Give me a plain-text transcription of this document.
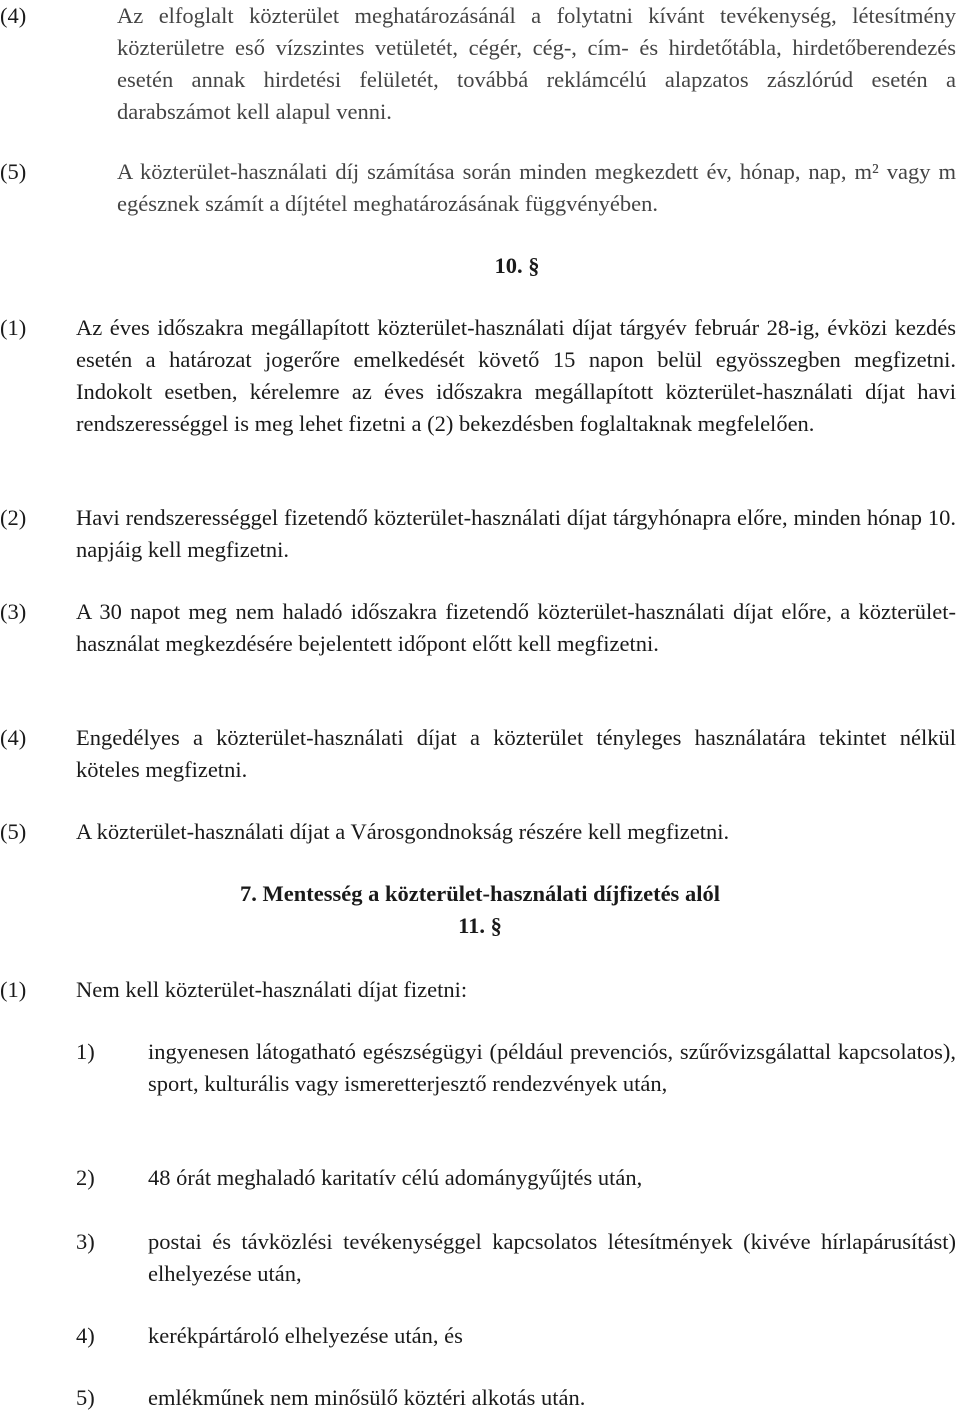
(4)	Az elfoglalt közterület meghatározásánál a folytatni kívánt tevékenység, létesítmény közterületre eső vízszintes vetületét, cégér, cég-, cím- és hirdetőtábla, hirdetőberendezés esetén annak hirdetési felületét, továbbá reklámcélú alapzatos zászlórúd esetén a darabszámot kell alapul venni.
(5)	A közterület-használati díj számítása során minden megkezdett év, hónap, nap, m² vagy m egésznek számít a díjtétel meghatározásának függvényében.
10. §
(1) Az éves időszakra megállapított közterület-használati díjat tárgyév február 28-ig, évközi kezdés esetén a határozat jogerőre emelkedését követő 15 napon belül egyösszegben megfizetni. Indokolt esetben, kérelemre az éves időszakra megállapított közterület-használati díjat havi rendszerességgel is meg lehet fizetni a (2) bekezdésben foglaltaknak megfelelően.
(2) Havi rendszerességgel fizetendő közterület-használati díjat tárgyhónapra előre, minden hónap 10. napjáig kell megfizetni.
(3) A 30 napot meg nem haladó időszakra fizetendő közterület-használati díjat előre, a közterület-használat megkezdésére bejelentett időpont előtt kell megfizetni.
(4) Engedélyes a közterület-használati díjat a közterület tényleges használatára tekintet nélkül köteles megfizetni.
(5) A közterület-használati díjat a Városgondnokság részére kell megfizetni.
7. Mentesség a közterület-használati díjfizetés alól
11. §
(1) Nem kell közterület-használati díjat fizetni:
1) ingyenesen látogatható egészségügyi (például prevenciós, szűrővizsgálattal kapcsolatos), sport, kulturális vagy ismeretterjesztő rendezvények után,
2) 48 órát meghaladó karitatív célú adománygyűjtés után,
3) postai és távközlési tevékenységgel kapcsolatos létesítmények (kivéve hírlapárusítást) elhelyezése után,
4) kerékpártároló elhelyezése után, és
5) emlékműnek nem minősülő köztéri alkotás után.
